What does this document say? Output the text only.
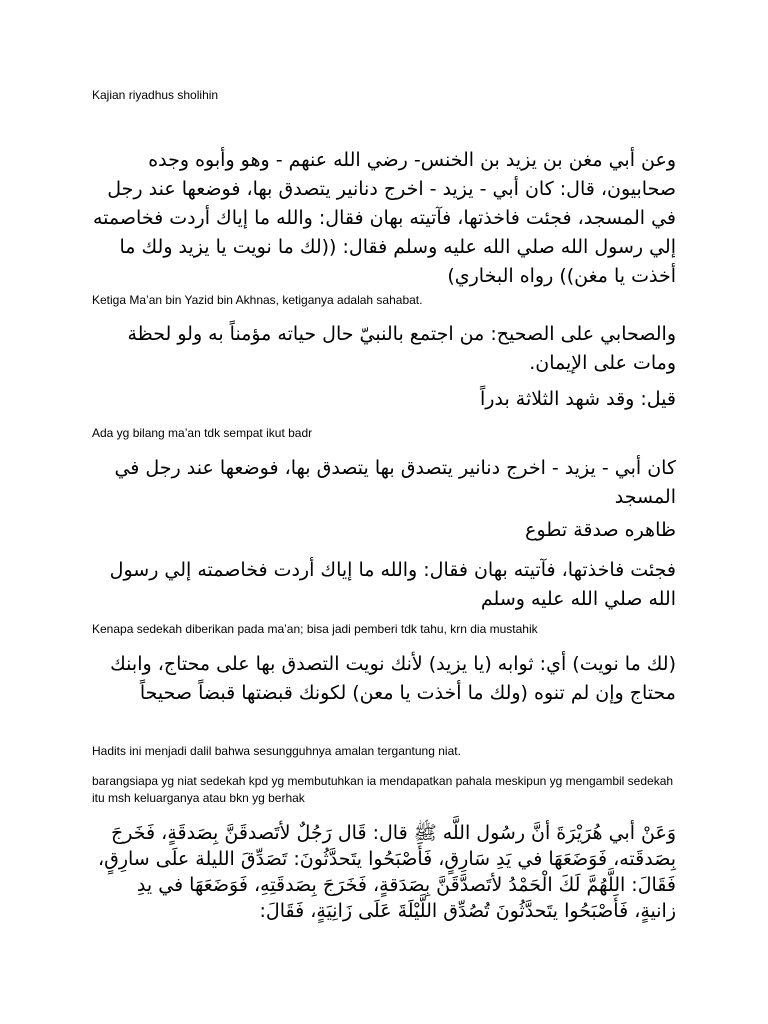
Kajian riyadhus sholihin
وعن أبي مغن بن يزيد بن الخنس- رضي الله عنهم - وهو وأبوه وجده صحابيون، قال: كان أبي - يزيد - اخرج دنانير يتصدق بها، فوضعها عند رجل في المسجد، فجئت فاخذتها، فآتيته بهان فقال: والله ما إياك أردت فخاصمته إلي رسول الله صلي الله عليه وسلم فقال: ((لك ما نويت يا يزيد ولك ما أخذت يا مغن)) رواه البخاري)
Ketiga Ma’an bin Yazid bin Akhnas, ketiganya adalah sahabat.
والصحابي على الصحيح: من اجتمع بالنبيّ حال حياته مؤمناً به ولو لحظة ومات على الإيمان.
قيل: وقد شهد الثلاثة بدراً
Ada yg bilang ma’an tdk sempat ikut badr
كان أبي - يزيد - اخرج دنانير يتصدق بها يتصدق بها، فوضعها عند رجل في المسجد
ظاهره صدقة تطوع
فجئت فاخذتها، فآتيته بهان فقال: والله ما إياك أردت فخاصمته إلي رسول الله صلي الله عليه وسلم
Kenapa sedekah diberikan pada ma’an; bisa jadi pemberi tdk tahu, krn dia mustahik
(لك ما نويت) أي: ثوابه (يا يزيد) لأنك نويت التصدق بها على محتاج، وابنك محتاج وإن لم تنوه (ولك ما أخذت يا معن) لكونك قبضتها قبضاً صحيحاً
Hadits ini menjadi dalil bahwa sesungguhnya amalan tergantung niat.
barangsiapa yg niat sedekah kpd yg membutuhkan ia mendapatkan pahala meskipun yg mengambil sedekah itu msh keluarganya atau bkn yg berhak
وَعَنْ أبي هُرَيْرَةَ أنَّ رسُول اللَّه ﷺ قال: قَال رَجُلٌ لأتَصدقَنَّ بِصَدقَةٍ، فَخَرجَ بِصَدقَته، فَوَضَعَهَا في يَدِ سَارِقٍ، فَأَصْبَحُوا يتَحدَّثُونَ: تَصَدِّقَ الليلة علَى سارِقٍ، فَقَالَ: اللَّهُمَّ لَكَ الْحَمْدُ لأتَصدَّقَنَّ بِصَدَقةٍ، فَخَرَجَ بِصَدقَتِهِ، فَوَضَعَهَا في يدِ زانيةٍ، فَأَصْبَحُوا يتَحدَّثُونَ تُصُدِّق اللَّيْلَةَ عَلَى زَانِيَةٍ، فَقَالَ:
